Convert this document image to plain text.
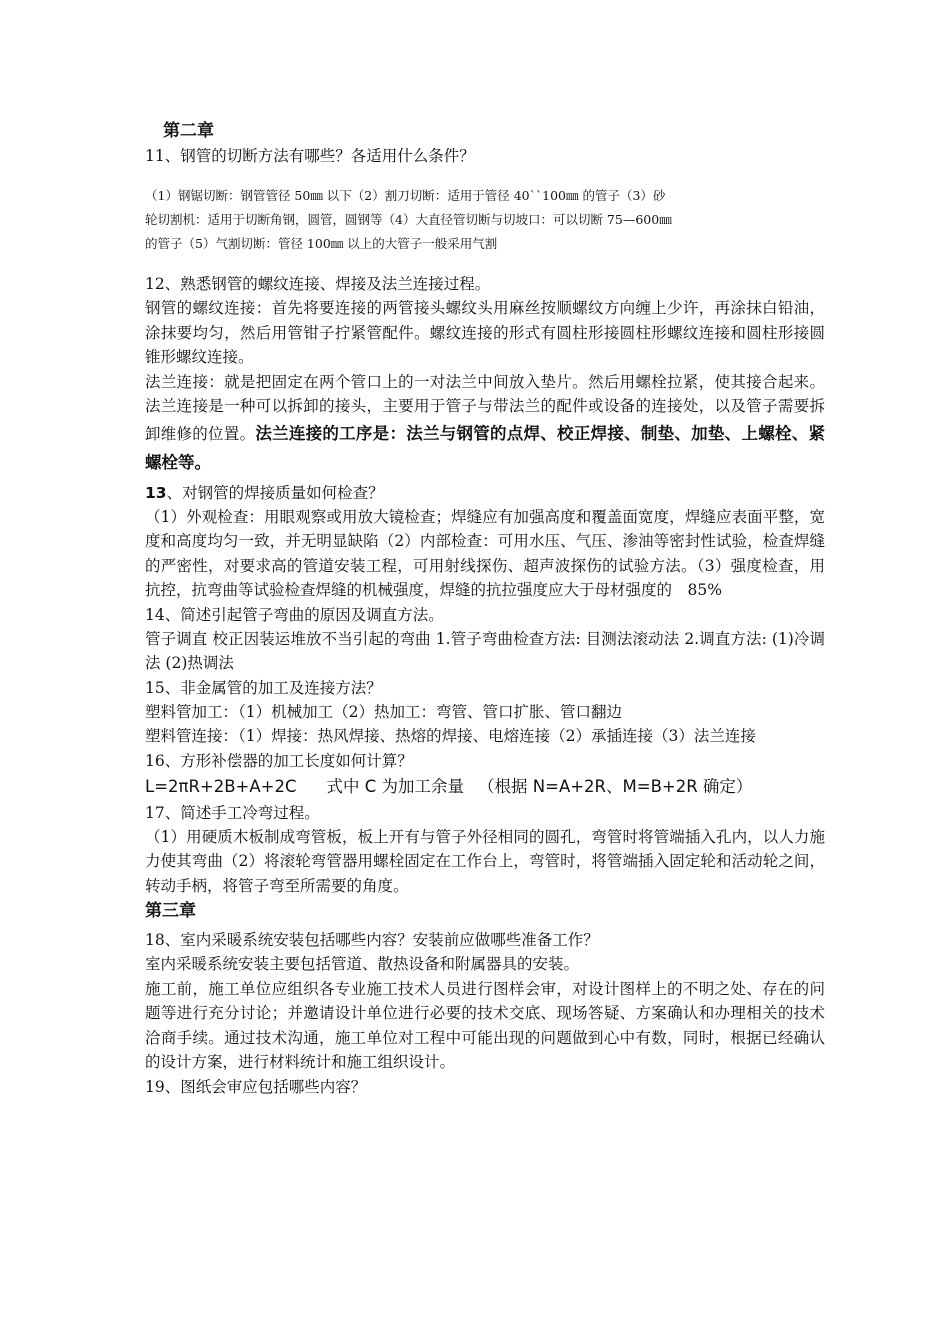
第二章

11、钢管的切断方法有哪些？各适用什么条件？

（1）钢锯切断：钢管管径 50㎜ 以下（2）割刀切断：适用于管径 40``100㎜ 的管子（3）砂

轮切割机：适用于切断角钢，圆管，圆钢等（4）大直径管切断与切坡口：可以切断 75—600㎜

的管子（5）气割切断：管径 100㎜ 以上的大管子一般采用气割

12、熟悉钢管的螺纹连接、焊接及法兰连接过程。

钢管的螺纹连接：首先将要连接的两管接头螺纹头用麻丝按顺螺纹方向缠上少许，再涂抹白铅油，涂抹要均匀，然后用管钳子拧紧管配件。螺纹连接的形式有圆柱形接圆柱形螺纹连接和圆柱形接圆锥形螺纹连接。

法兰连接：就是把固定在两个管口上的一对法兰中间放入垫片。然后用螺栓拉紧，使其接合起来。法兰连接是一种可以拆卸的接头，主要用于管子与带法兰的配件或设备的连接处，以及管子需要拆卸维修的位置。法兰连接的工序是：法兰与钢管的点焊、校正焊接、制垫、加垫、上螺栓、紧螺栓等。

13、对钢管的焊接质量如何检查？

（1）外观检查：用眼观察或用放大镜检查；焊缝应有加强高度和覆盖面宽度，焊缝应表面平整，宽度和高度均匀一致，并无明显缺陷（2）内部检查：可用水压、气压、渗油等密封性试验，检查焊缝的严密性，对要求高的管道安装工程，可用射线探伤、超声波探伤的试验方法。（3）强度检查，用抗控，抗弯曲等试验检查焊缝的机械强度，焊缝的抗拉强度应大于母材强度的　85%

14、简述引起管子弯曲的原因及调直方法。

管子调直 校正因装运堆放不当引起的弯曲 1.管子弯曲检查方法: 目测法滚动法 2.调直方法: (1)冷调法 (2)热调法

15、非金属管的加工及连接方法？

塑料管加工：（1）机械加工（2）热加工：弯管、管口扩胀、管口翻边

塑料管连接：（1）焊接：热风焊接、热熔的焊接、电熔连接（2）承插连接（3）法兰连接

16、方形补偿器的加工长度如何计算？

L=2πR+2B+A+2C 式中 C 为加工余量 （根据 N=A+2R、M=B+2R 确定）

17、简述手工冷弯过程。

（1）用硬质木板制成弯管板，板上开有与管子外径相同的圆孔，弯管时将管端插入孔内，以人力施力使其弯曲（2）将滚轮弯管器用螺栓固定在工作台上，弯管时，将管端插入固定轮和活动轮之间，转动手柄，将管子弯至所需要的角度。

第三章

18、室内采暖系统安装包括哪些内容？安装前应做哪些准备工作？

室内采暖系统安装主要包括管道、散热设备和附属器具的安装。

施工前，施工单位应组织各专业施工技术人员进行图样会审，对设计图样上的不明之处、存在的问题等进行充分讨论；并邀请设计单位进行必要的技术交底、现场答疑、方案确认和办理相关的技术洽商手续。通过技术沟通，施工单位对工程中可能出现的问题做到心中有数，同时，根据已经确认的设计方案，进行材料统计和施工组织设计。

19、图纸会审应包括哪些内容？
